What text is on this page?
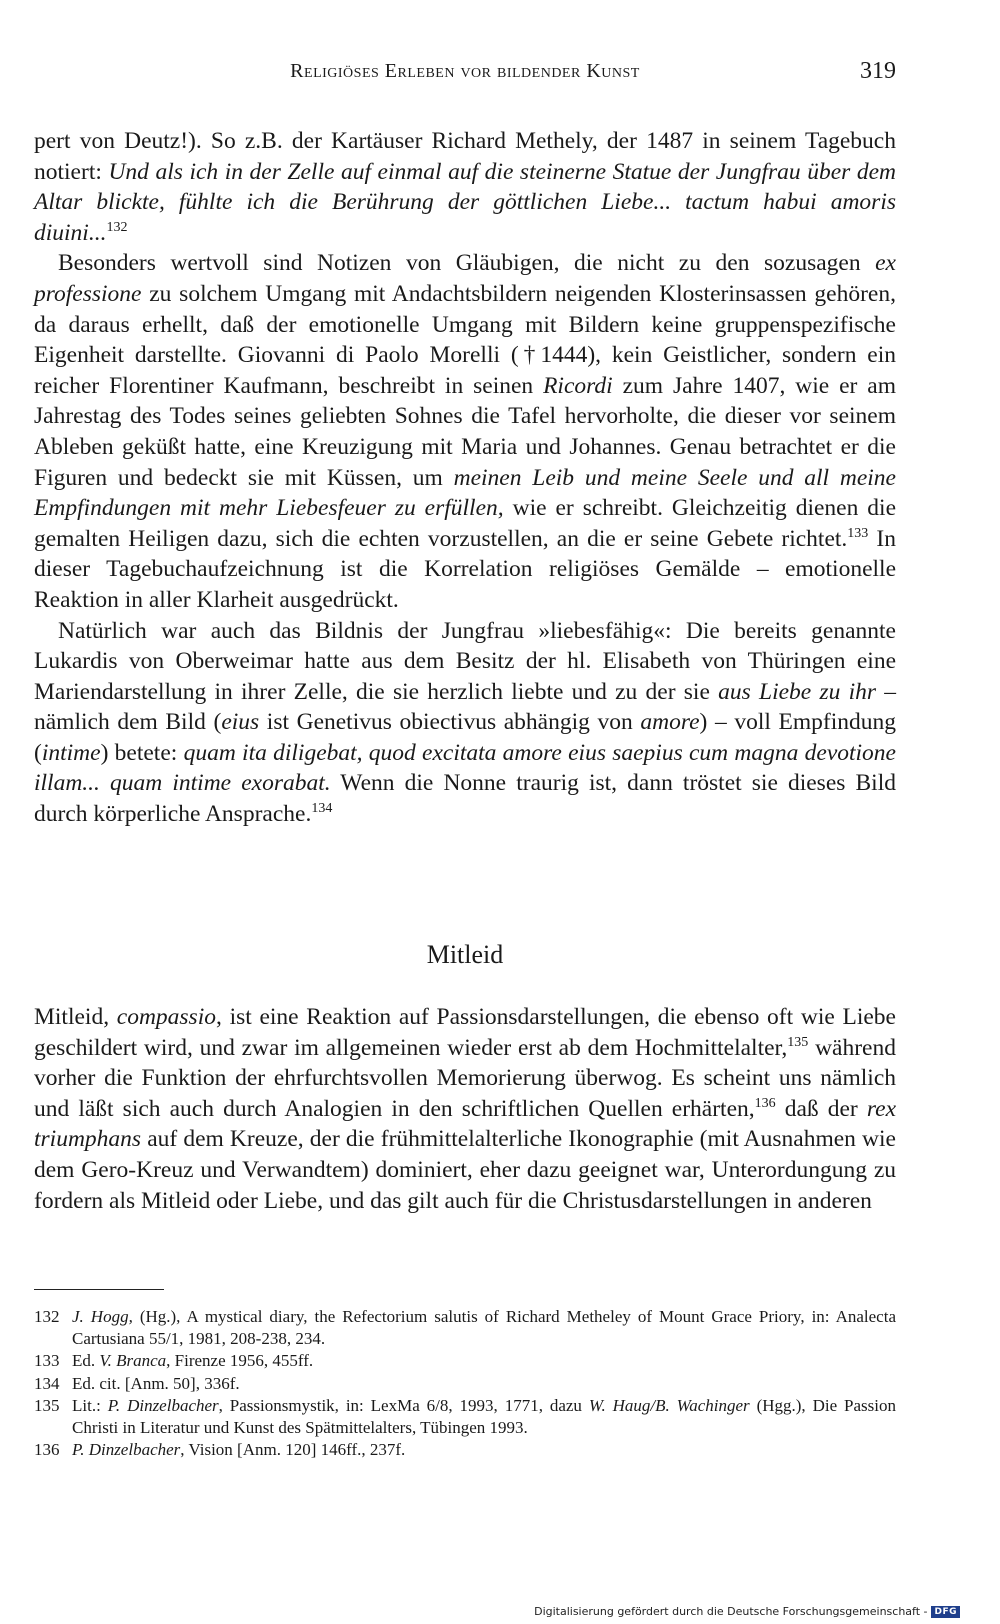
Religiöses Erleben vor bildender Kunst	319

pert von Deutz!). So z.B. der Kartäuser Richard Methely, der 1487 in seinem Tagebuch notiert: Und als ich in der Zelle auf einmal auf die steinerne Statue der Jungfrau über dem Altar blickte, fühlte ich die Berührung der göttlichen Liebe... tactum habui amoris diuini...$^{132}$

Besonders wertvoll sind Notizen von Gläubigen, die nicht zu den sozusagen ex professione zu solchem Umgang mit Andachtsbildern neigenden Klosterinsassen gehören, da daraus erhellt, daß der emotionelle Umgang mit Bildern keine gruppenspezifische Eigenheit darstellte. Giovanni di Paolo Morelli (†1444), kein Geistlicher, sondern ein reicher Florentiner Kaufmann, beschreibt in seinen Ricordi zum Jahre 1407, wie er am Jahrestag des Todes seines geliebten Sohnes die Tafel hervorholte, die dieser vor seinem Ableben geküßt hatte, eine Kreuzigung mit Maria und Johannes. Genau betrachtet er die Figuren und bedeckt sie mit Küssen, um meinen Leib und meine Seele und all meine Empfindungen mit mehr Liebesfeuer zu erfüllen, wie er schreibt. Gleichzeitig dienen die gemalten Heiligen dazu, sich die echten vorzustellen, an die er seine Gebete richtet.$^{133}$ In dieser Tagebuchaufzeichnung ist die Korrelation religiöses Gemälde – emotionelle Reaktion in aller Klarheit ausgedrückt.

Natürlich war auch das Bildnis der Jungfrau »liebesfähig«: Die bereits genannte Lukardis von Oberweimar hatte aus dem Besitz der hl. Elisabeth von Thüringen eine Mariendarstellung in ihrer Zelle, die sie herzlich liebte und zu der sie aus Liebe zu ihr – nämlich dem Bild (eius ist Genetivus obiectivus abhängig von amore) – voll Empfindung (intime) betete: quam ita diligebat, quod excitata amore eius saepius cum magna devotione illam... quam intime exorabat. Wenn die Nonne traurig ist, dann tröstet sie dieses Bild durch körperliche Ansprache.$^{134}$

Mitleid

Mitleid, compassio, ist eine Reaktion auf Passionsdarstellungen, die ebenso oft wie Liebe geschildert wird, und zwar im allgemeinen wieder erst ab dem Hochmittelalter,$^{135}$ während vorher die Funktion der ehrfurchtsvollen Memorierung überwog. Es scheint uns nämlich und läßt sich auch durch Analogien in den schriftlichen Quellen erhärten,$^{136}$ daß der rex triumphans auf dem Kreuze, der die frühmittelalterliche Ikonographie (mit Ausnahmen wie dem Gero-Kreuz und Verwandtem) dominiert, eher dazu geeignet war, Unterordungung zu fordern als Mitleid oder Liebe, und das gilt auch für die Christusdarstellungen in anderen

132 J. Hogg, (Hg.), A mystical diary, the Refectorium salutis of Richard Metheley of Mount Grace Priory, in: Analecta Cartusiana 55/1, 1981, 208-238, 234.
133 Ed. V. Branca, Firenze 1956, 455ff.
134 Ed. cit. [Anm. 50], 336f.
135 Lit.: P. Dinzelbacher, Passionsmystik, in: LexMa 6/8, 1993, 1771, dazu W. Haug/B. Wachinger (Hgg.), Die Passion Christi in Literatur und Kunst des Spätmittelalters, Tübingen 1993.
136 P. Dinzelbacher, Vision [Anm. 120] 146ff., 237f.
Digitalisierung gefördert durch die Deutsche Forschungsgemeinschaft - DFG
